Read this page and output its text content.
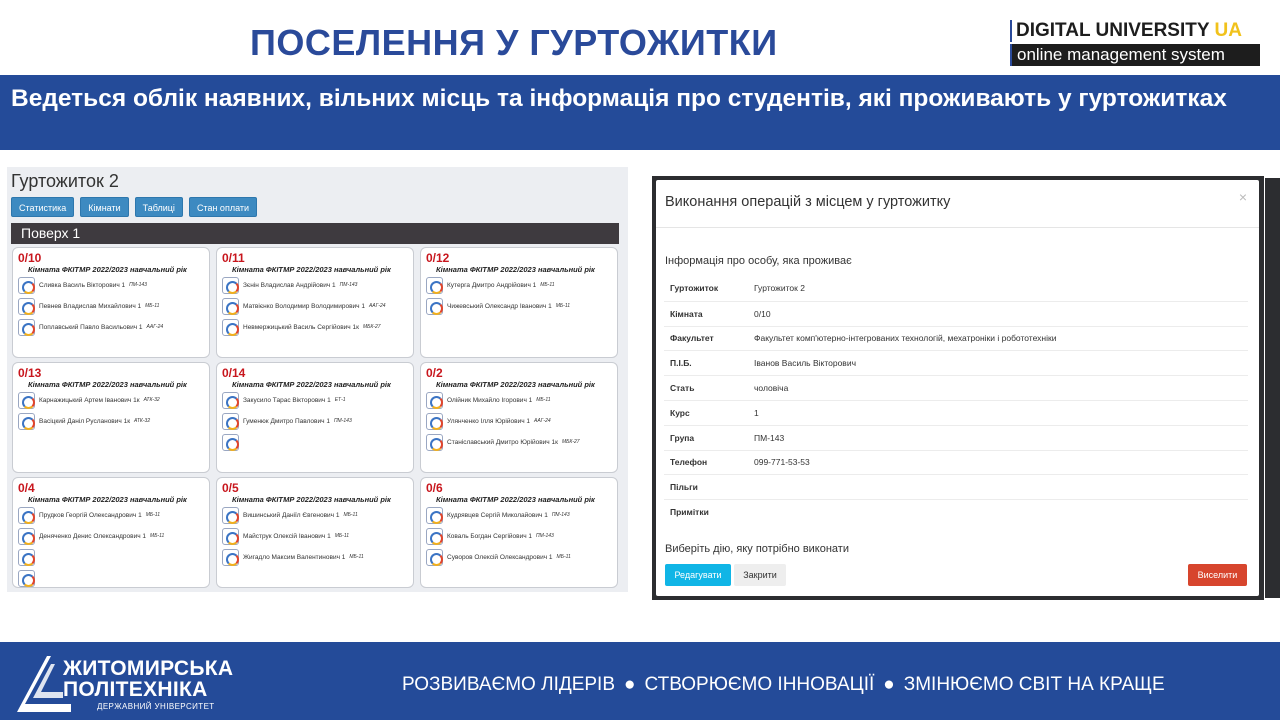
ПОСЕЛЕННЯ У ГУРТОЖИТКИ	DIGITAL UNIVERSITY UA
online management system
Ведеться облік наявних, вільних місць та інформація про студентів, які проживають у гуртожитках
Гуртожиток 2
Статистика	Кімнати	Таблиці	Стан оплати
Поверх 1
0/10
Кімната ФКІТМР 2022/2023 навчальний рік
Сливка Василь Вікторович 1 ПМ-143
Певнев Владислав Михайлович 1 МБ-11
Поплавський Павло Васильович 1 ААГ-24
0/11
Кімната ФКІТМР 2022/2023 навчальний рік
Зєнін Владислав Андрійович 1 ПМ-143
Матвієнко Володимир Володимирович 1 ААГ-24
Невмержицький Василь Сергійович 1к МБК-27
0/12
Кімната ФКІТМР 2022/2023 навчальний рік
Кутерга Дмитро Андрійович 1 МБ-11
Чижевський Олександр Іванович 1 МБ-11
0/13
Кімната ФКІТМР 2022/2023 навчальний рік
Карнажицький Артем Іванович 1к АТК-32
Васіцкий Даніл Русланович 1к АТК-32
0/14
Кімната ФКІТМР 2022/2023 навчальний рік
Закусило Тарас Вікторович 1 ЕТ-1
Гуменюк Дмитро Павлович 1 ПМ-143
0/2
Кімната ФКІТМР 2022/2023 навчальний рік
Олійник Михайло Ігорович 1 МБ-11
Улянченко Ілля Юрійович 1 ААГ-24
Станіславський Дмитро Юрійович 1к МБК-27
0/4
Кімната ФКІТМР 2022/2023 навчальний рік
Прудков Георгій Олександрович 1 МБ-11
Деняченко Денис Олександрович 1 МБ-11
0/5
Кімната ФКІТМР 2022/2023 навчальний рік
Вишинський Даніїл Євгенович 1 МБ-11
Майструк Олексій Іванович 1 МБ-11
Жигадло Максим Валентинович 1 МБ-11
0/6
Кімната ФКІТМР 2022/2023 навчальний рік
Кудрявцев Сергій Миколайович 1 ПМ-143
Коваль Богдан Сергійович 1 ПМ-143
Суворов Олексій Олександрович 1 МБ-11
Виконання операцій з місцем у гуртожитку	×
Інформація про особу, яка проживає
Гуртожиток	Гуртожиток 2
Кімната	0/10
Факультет	Факультет комп'ютерно-інтегрованих технологій, мехатроніки і робототехніки
П.І.Б.	Іванов Василь Вікторович
Стать	чоловіча
Курс	1
Група	ПМ-143
Телефон	099-771-53-53
Пільги
Примітки
Виберіть дію, яку потрібно виконати
Редагувати	Закрити	Виселити
ЖИТОМИРСЬКА
ПОЛІТЕХНІКА
ДЕРЖАВНИЙ УНІВЕРСИТЕТ
РОЗВИВАЄМО ЛІДЕРІВ ● СТВОРЮЄМО ІННОВАЦІЇ ● ЗМІНЮЄМО СВІТ НА КРАЩЕ
